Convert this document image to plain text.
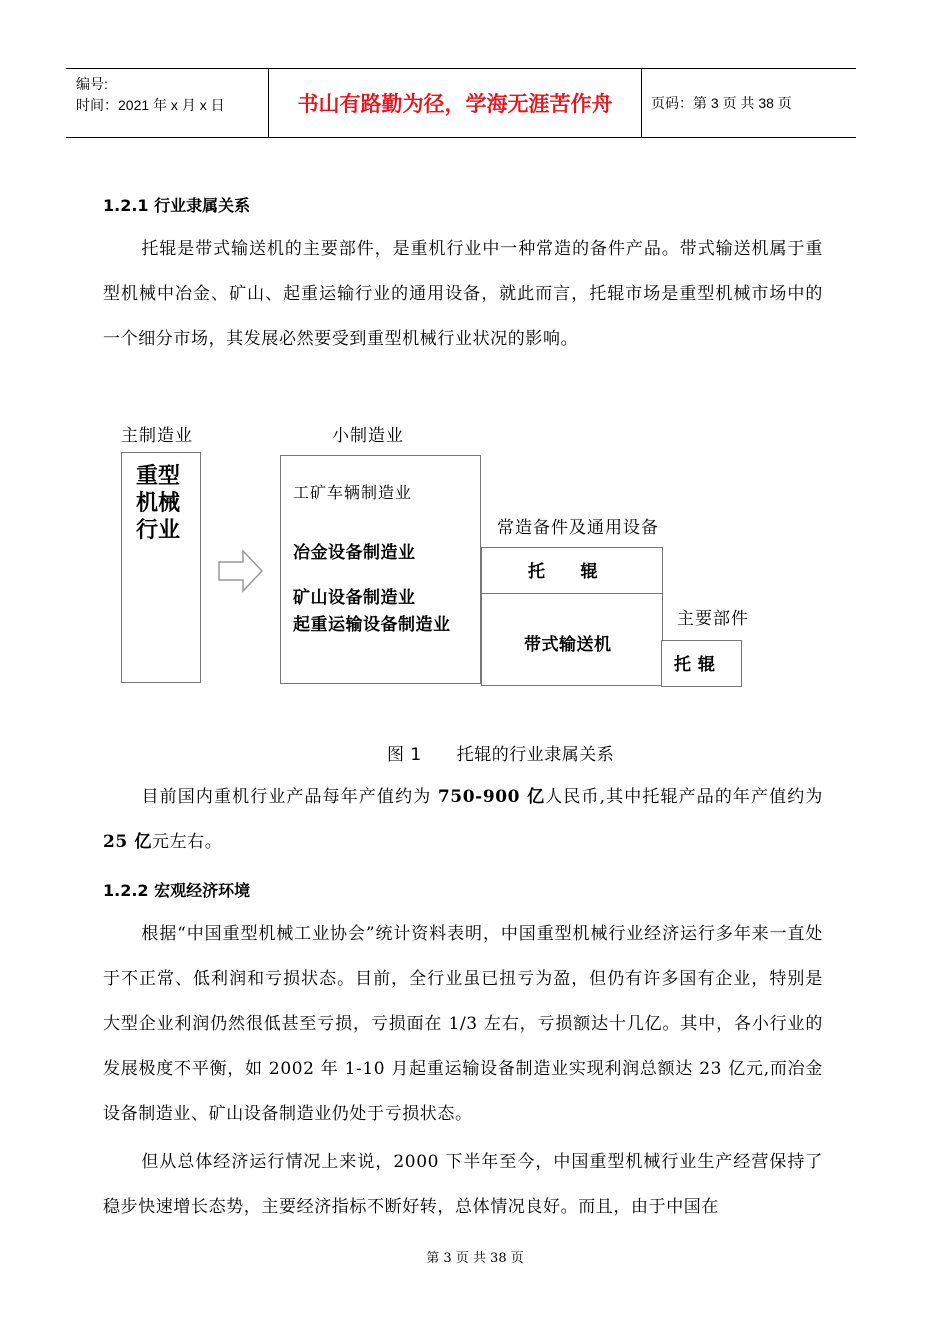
编号:
时间：2021 年 x 月 x 日	书山有路勤为径，学海无涯苦作舟	页码：第 3 页 共 38 页
1.2.1 行业隶属关系
托辊是带式输送机的主要部件，是重机行业中一种常造的备件产品。带式输送机属于重型机械中冶金、矿山、起重运输行业的通用设备，就此而言，托辊市场是重型机械市场中的一个细分市场，其发展必然要受到重型机械行业状况的影响。
主制造业
重型机械行业
小制造业
工矿车辆制造业
冶金设备制造业
矿山设备制造业
起重运输设备制造业
常造备件及通用设备
托　　辊
带式输送机
主要部件
托 辊
图 1　　托辊的行业隶属关系
目前国内重机行业产品每年产值约为 750-900 亿人民币,其中托辊产品的年产值约为 25 亿元左右。
1.2.2 宏观经济环境
根据“中国重型机械工业协会”统计资料表明，中国重型机械行业经济运行多年来一直处于不正常、低利润和亏损状态。目前，全行业虽已扭亏为盈，但仍有许多国有企业，特别是大型企业利润仍然很低甚至亏损，亏损面在 1/3 左右，亏损额达十几亿。其中，各小行业的发展极度不平衡，如 2002 年 1-10 月起重运输设备制造业实现利润总额达 23 亿元,而冶金设备制造业、矿山设备制造业仍处于亏损状态。
但从总体经济运行情况上来说，2000 下半年至今，中国重型机械行业生产经营保持了稳步快速增长态势，主要经济指标不断好转，总体情况良好。而且，由于中国在
第 3 页 共 38 页
